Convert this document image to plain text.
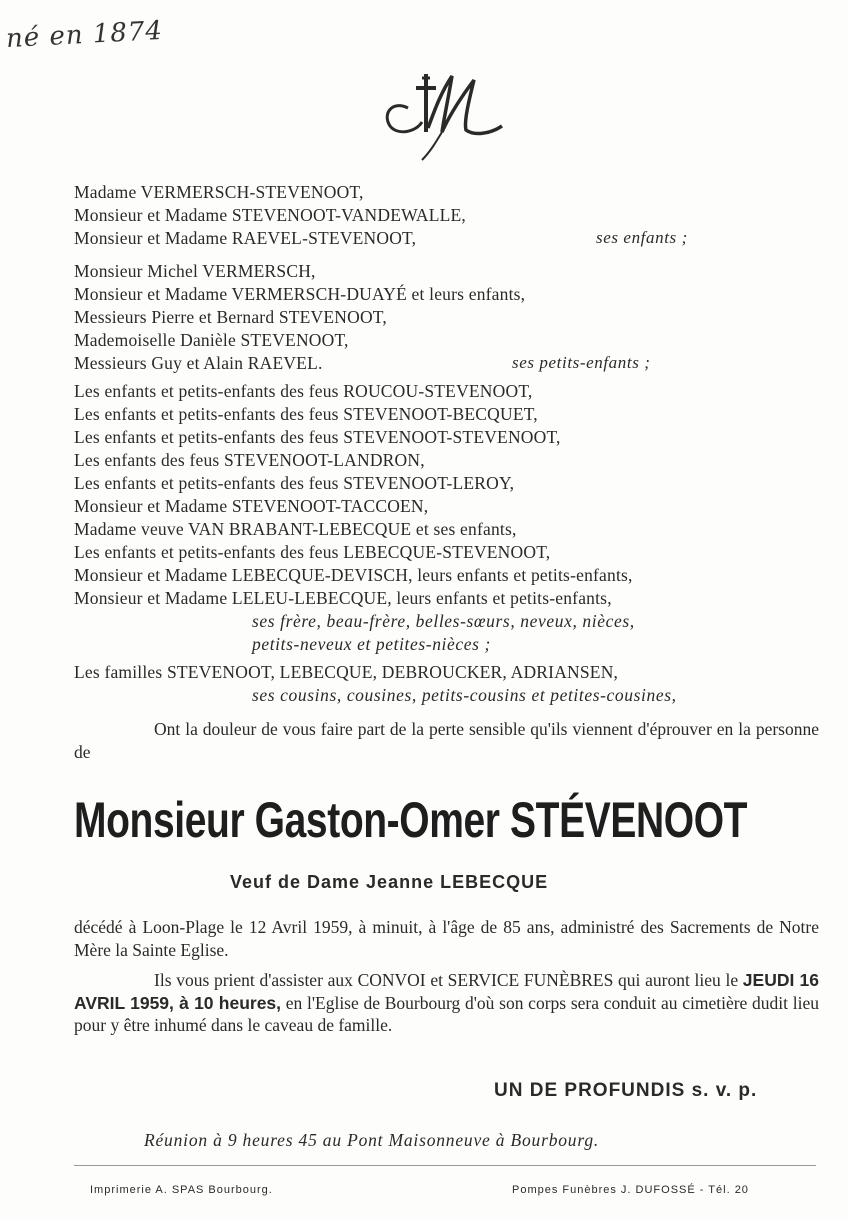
né en 1874
Madame VERMERSCH-STEVENOOT,
Monsieur et Madame STEVENOOT-VANDEWALLE,
Monsieur et Madame RAEVEL-STEVENOOT,	ses enfants ;
Monsieur Michel VERMERSCH,
Monsieur et Madame VERMERSCH-DUAYÉ et leurs enfants,
Messieurs Pierre et Bernard STEVENOOT,
Mademoiselle Danièle STEVENOOT,
Messieurs Guy et Alain RAEVEL.	ses petits-enfants ;
Les enfants et petits-enfants des feus ROUCOU-STEVENOOT,
Les enfants et petits-enfants des feus STEVENOOT-BECQUET,
Les enfants et petits-enfants des feus STEVENOOT-STEVENOOT,
Les enfants des feus STEVENOOT-LANDRON,
Les enfants et petits-enfants des feus STEVENOOT-LEROY,
Monsieur et Madame STEVENOOT-TACCOEN,
Madame veuve VAN BRABANT-LEBECQUE et ses enfants,
Les enfants et petits-enfants des feus LEBECQUE-STEVENOOT,
Monsieur et Madame LEBECQUE-DEVISCH, leurs enfants et petits-enfants,
Monsieur et Madame LELEU-LEBECQUE, leurs enfants et petits-enfants,
ses frère, beau-frère, belles-sœurs, neveux, nièces,
petits-neveux et petites-nièces ;
Les familles STEVENOOT, LEBECQUE, DEBROUCKER, ADRIANSEN,
ses cousins, cousines, petits-cousins et petites-cousines,
Ont la douleur de vous faire part de la perte sensible qu'ils viennent d'éprouver en la personne de
Monsieur Gaston-Omer STÉVENOOT
Veuf de Dame Jeanne LEBECQUE
décédé à Loon-Plage le 12 Avril 1959, à minuit, à l'âge de 85 ans, administré des Sacrements de Notre Mère la Sainte Eglise.
Ils vous prient d'assister aux CONVOI et SERVICE FUNÈBRES qui auront lieu le JEUDI 16 AVRIL 1959, à 10 heures, en l'Eglise de Bourbourg d'où son corps sera conduit au cimetière dudit lieu pour y être inhumé dans le caveau de famille.
UN DE PROFUNDIS s. v. p.
Réunion à 9 heures 45 au Pont Maisonneuve à Bourbourg.
Imprimerie A. SPAS Bourbourg.	Pompes Funèbres J. DUFOSSÉ - Tél. 20
